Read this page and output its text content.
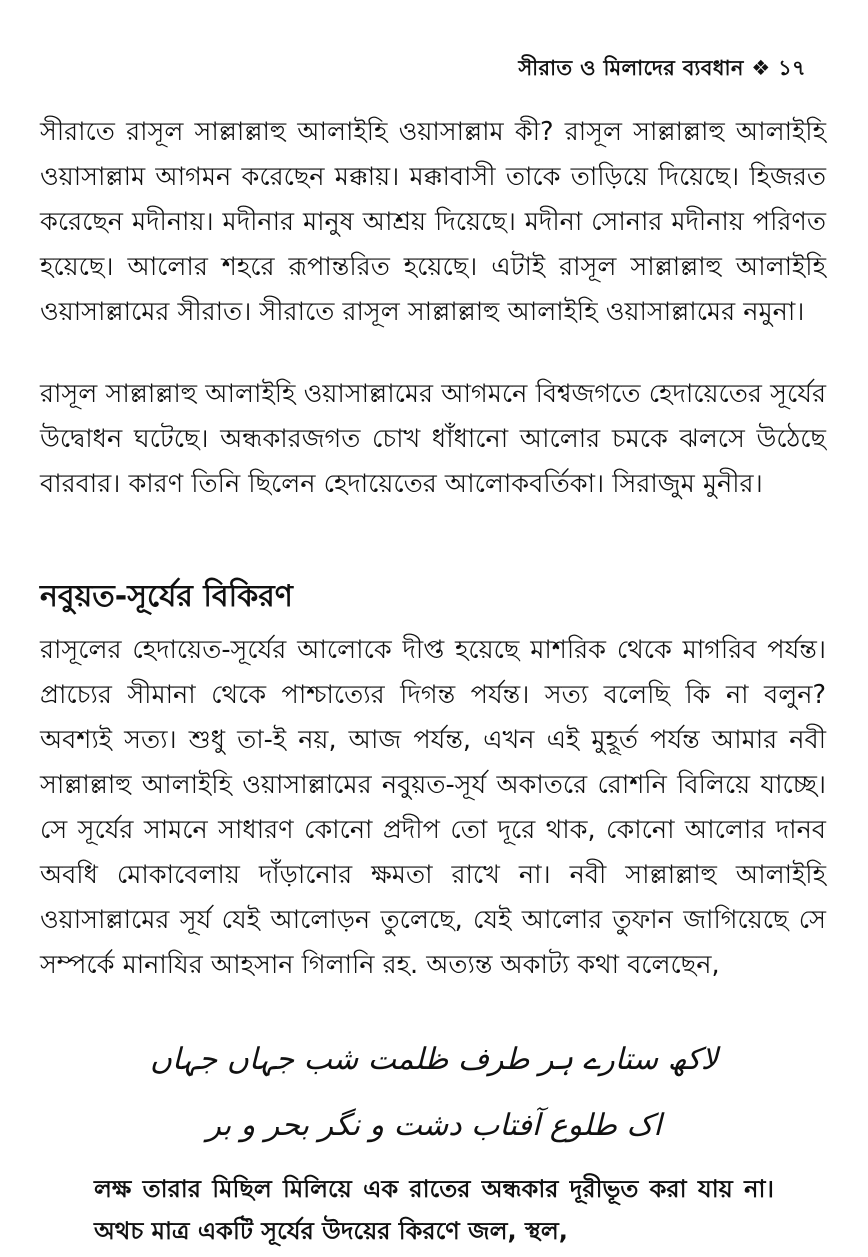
সীরাত ও মিলাদের ব্যবধান ❖ ১৭

সীরাতে রাসূল সাল্লাল্লাহু আলাইহি ওয়াসাল্লাম কী? রাসূল সাল্লাল্লাহু আলাইহি ওয়াসাল্লাম আগমন করেছেন মক্কায়। মক্কাবাসী তাকে তাড়িয়ে দিয়েছে। হিজরত করেছেন মদীনায়। মদীনার মানুষ আশ্রয় দিয়েছে। মদীনা সোনার মদীনায় পরিণত হয়েছে। আলোর শহরে রূপান্তরিত হয়েছে। এটাই রাসূল সাল্লাল্লাহু আলাইহি ওয়াসাল্লামের সীরাত। সীরাতে রাসূল সাল্লাল্লাহু আলাইহি ওয়াসাল্লামের নমুনা।

রাসূল সাল্লাল্লাহু আলাইহি ওয়াসাল্লামের আগমনে বিশ্বজগতে হেদায়েতের সূর্যের উদ্বোধন ঘটেছে। অন্ধকারজগত চোখ ধাঁধানো আলোর চমকে ঝলসে উঠেছে বারবার। কারণ তিনি ছিলেন হেদায়েতের আলোকবর্তিকা। সিরাজুম মুনীর।

নবুয়ত-সূর্যের বিকিরণ

রাসূলের হেদায়েত-সূর্যের আলোকে দীপ্ত হয়েছে মাশরিক থেকে মাগরিব পর্যন্ত। প্রাচ্যের সীমানা থেকে পাশ্চাত্যের দিগন্ত পর্যন্ত। সত্য বলেছি কি না বলুন? অবশ্যই সত্য। শুধু তা-ই নয়, আজ পর্যন্ত, এখন এই মুহূর্ত পর্যন্ত আমার নবী সাল্লাল্লাহু আলাইহি ওয়াসাল্লামের নবুয়ত-সূর্য অকাতরে রোশনি বিলিয়ে যাচ্ছে। সে সূর্যের সামনে সাধারণ কোনো প্রদীপ তো দূরে থাক, কোনো আলোর দানব অবধি মোকাবেলায় দাঁড়ানোর ক্ষমতা রাখে না। নবী সাল্লাল্লাহু আলাইহি ওয়াসাল্লামের সূর্য যেই আলোড়ন তুলেছে, যেই আলোর তুফান জাগিয়েছে সে সম্পর্কে মানাযির আহসান গিলানি রহ. অত্যন্ত অকাট্য কথা বলেছেন,

لاکھ ستارے ہر طرف ظلمت شب جہاں جہاں
اک طلوع آفتاب دشت و نگر بحر و بر

লক্ষ তারার মিছিল মিলিয়ে এক রাতের অন্ধকার দূরীভূত করা যায় না। অথচ মাত্র একটি সূর্যের উদয়ের কিরণে জল, স্থল,
